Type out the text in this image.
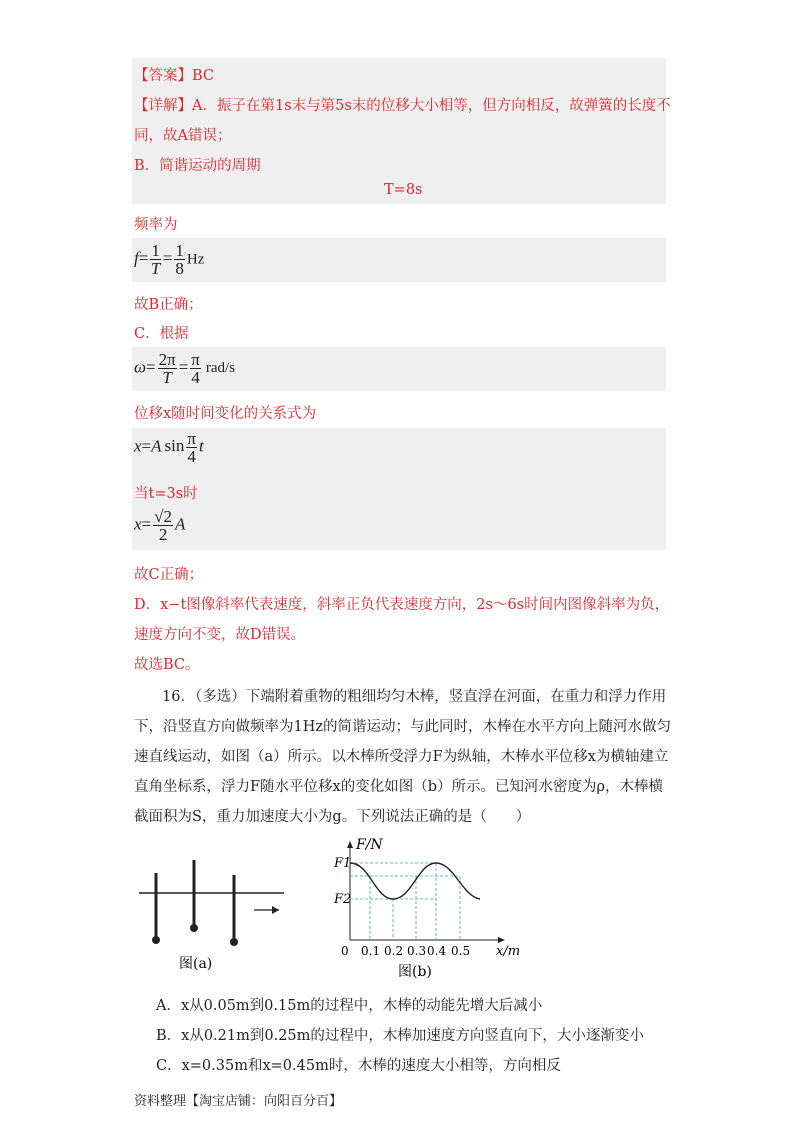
【答案】BC
【详解】A．振子在第1s末与第5s末的位移大小相等，但方向相反，故弹簧的长度不
同，故A错误；
B．简谐运动的周期
T=8s
频率为
$f= \frac{1}{T} = \frac{1}{8}$ Hz
故B正确；
C．根据
$\omega= \frac{2\pi}{T} = \frac{\pi}{4} rad/s$
位移x随时间变化的关系式为
x=A $\sin \frac{\pi}{4}$ t
当t=3s时
$x= \frac{√2}{2}$ A
故C正确；
D．x−t图像斜率代表速度，斜率正负代表速度方向，2s～6s时间内图像斜率为负，
速度方向不变，故D错误。
故选BC。
16．（多选）下端附着重物的粗细均匀木棒，竖直浮在河面，在重力和浮力作用
下，沿竖直方向做频率为1Hz的简谐运动；与此同时，木棒在水平方向上随河水做匀
速直线运动，如图（a）所示。以木棒所受浮力F为纵轴，木棒水平位移x为横轴建立
直角坐标系，浮力F随水平位移x的变化如图（b）所示。已知河水密度为ρ，木棒横
截面积为S，重力加速度大小为g。下列说法正确的是（　　）
图(a)
F/N
F1
F2
0 0.1 0.2 0.3 0.4 0.5 x/m
图(b)
A．x从0.05m到0.15m的过程中，木棒的动能先增大后减小
B．x从0.21m到0.25m的过程中，木棒加速度方向竖直向下，大小逐渐变小
C．x=0.35m和x=0.45m时，木棒的速度大小相等，方向相反
资料整理【淘宝店铺：向阳百分百】
